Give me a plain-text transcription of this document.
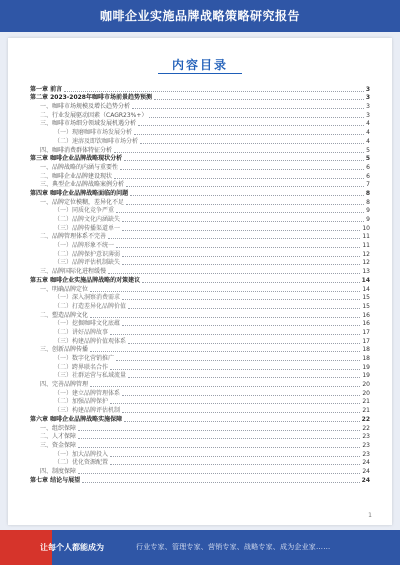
咖啡企业实施品牌战略策略研究报告
内容目录
第一章 前言	3
第二章 2023-2028年咖啡市场前景趋势预测	3
一、咖啡市场规模及增长趋势分析	3
二、行业发展驱动因素（CAGR23%+）	3
三、咖啡市场细分领域发展机遇分析	4
（一）现磨咖啡市场发展分析	4
（二）速溶及即饮咖啡市场分析	4
四、咖啡消费群体特征分析	5
第三章 咖啡企业品牌战略现状分析	5
一、品牌战略的内涵与重要性	6
二、咖啡企业品牌建设现状	6
三、典型企业品牌战略案例分析	7
第四章 咖啡企业品牌战略面临的问题	8
一、品牌定位模糊，差异化不足	8
（一）同质化竞争严重	9
（二）品牌文化内涵缺失	9
（三）品牌传播渠道单一	10
二、品牌管理体系不完善	11
（一）品牌形象不统一	11
（二）品牌保护意识薄弱	12
（三）品牌评估机制缺失	12
三、品牌国际化进程缓慢	13
第五章 咖啡企业实施品牌战略的对策建议	14
一、明确品牌定位	14
（一）深入洞察消费需求	15
（二）打造差异化品牌价值	15
二、塑造品牌文化	16
（一）挖掘咖啡文化底蕴	16
（二）讲好品牌故事	17
（三）构建品牌价值观体系	17
三、创新品牌传播	18
（一）数字化营销推广	18
（二）跨界联名合作	19
（三）社群运营与私域流量	19
四、完善品牌管理	20
（一）建立品牌管理体系	20
（二）加强品牌保护	21
（三）构建品牌评估机制	21
第六章 咖啡企业品牌战略实施保障	22
一、组织保障	22
二、人才保障	23
三、资金保障	23
（一）加大品牌投入	23
（二）优化资源配置	24
四、制度保障	24
第七章 结论与展望	24
1
让每个人都能成为	行业专家、管理专家、营销专家、战略专家、成为企业家……
